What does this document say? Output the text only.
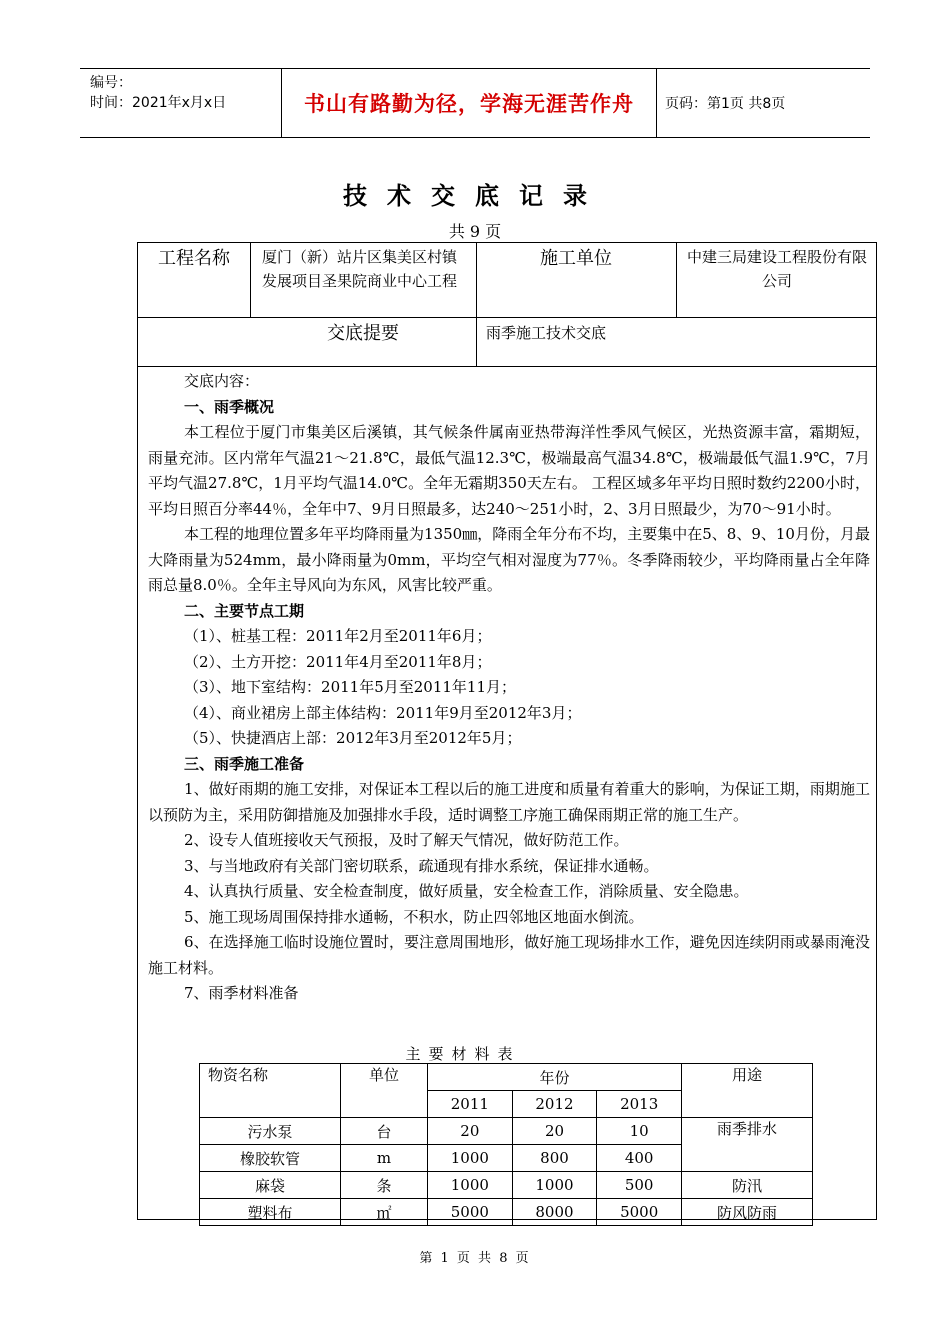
编号：
时间：2021年x月x日	书山有路勤为径，学海无涯苦作舟 页码：第1页 共8页
技术交底记录
共 9 页
工程名称	厦门（新）站片区集美区村镇发展项目圣果院商业中心工程
施工单位	中建三局建设工程股份有限公司
交底提要	雨季施工技术交底

交底内容：

一、雨季概况

本工程位于厦门市集美区后溪镇，其气候条件属南亚热带海洋性季风气候区，光热资源丰富，霜期短，雨量充沛。区内常年气温21～21.8℃，最低气温12.3℃，极端最高气温34.8℃，极端最低气温1.9℃，7月平均气温27.8℃，1月平均气温14.0℃。全年无霜期350天左右。 工程区域多年平均日照时数约2200小时，平均日照百分率44％，全年中7、9月日照最多，达240～251小时，2、3月日照最少，为70～91小时。

本工程的地理位置多年平均降雨量为1350㎜，降雨全年分布不均，主要集中在5、8、9、10月份，月最大降雨量为524mm，最小降雨量为0mm，平均空气相对湿度为77％。冬季降雨较少，平均降雨量占全年降雨总量8.0％。全年主导风向为东风，风害比较严重。

二、主要节点工期

（1）、桩基工程：2011年2月至2011年6月；

（2）、土方开挖：2011年4月至2011年8月；

（3）、地下室结构：2011年5月至2011年11月；

（4）、商业裙房上部主体结构：2011年9月至2012年3月；

（5）、快捷酒店上部：2012年3月至2012年5月；

三、雨季施工准备

1、做好雨期的施工安排，对保证本工程以后的施工进度和质量有着重大的影响，为保证工期，雨期施工以预防为主，采用防御措施及加强排水手段，适时调整工序施工确保雨期正常的施工生产。

2、设专人值班接收天气预报，及时了解天气情况，做好防范工作。

3、与当地政府有关部门密切联系，疏通现有排水系统，保证排水通畅。

4、认真执行质量、安全检查制度，做好质量，安全检查工作，消除质量、安全隐患。

5、施工现场周围保持排水通畅，不积水，防止四邻地区地面水倒流。

6、在选择施工临时设施位置时，要注意周围地形，做好施工现场排水工作，避免因连续阴雨或暴雨淹没施工材料。

7、雨季材料准备

主要材料表
物资名称	单位	年份			用途
		2011	2012	2013	
污水泵	台	20	20	10	雨季排水
橡胶软管	m	1000	800	400	
麻袋	条	1000	1000	500	防汛
塑料布	㎡	5000	8000	5000	防风防雨
第 1 页 共 8 页
